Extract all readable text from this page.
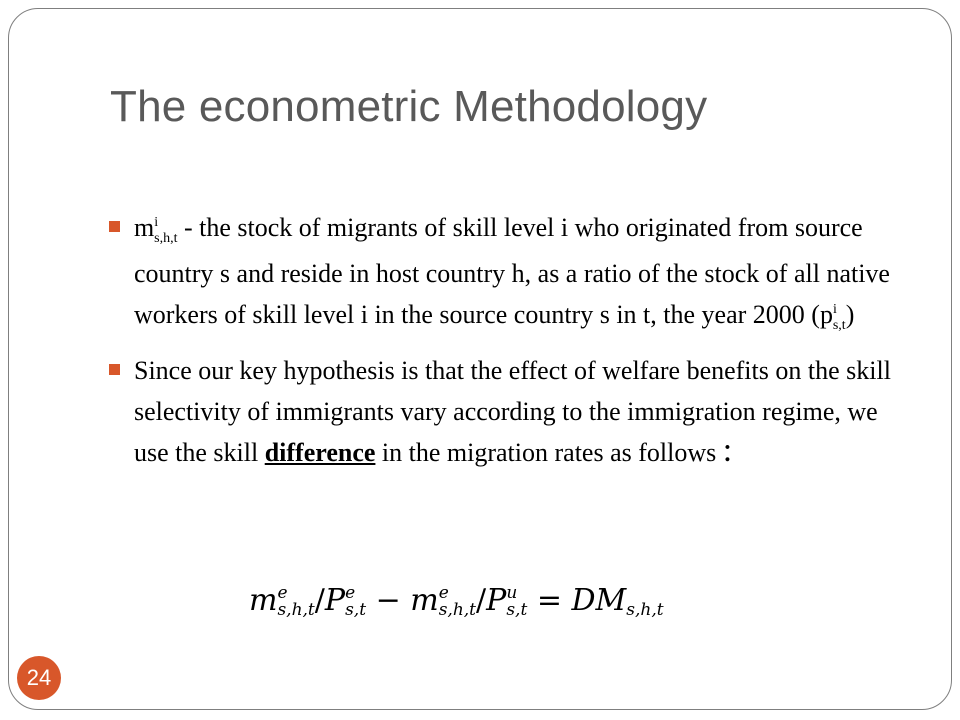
The econometric Methodology
$m^i_{s,h,t}$ - the stock of migrants of skill level i who originated from source country s and reside in host country h, as a ratio of the stock of all native workers of skill level i in the source country s in t, the year 2000 $(p^i_{s,t})$
Since our key hypothesis is that the effect of welfare benefits on the skill selectivity of immigrants vary according to the immigration regime, we use the skill difference in the migration rates as follows :
m e
s,h,t /P e
s,t − m e
s,h,t /P u
s,t = DM
s,h,t
24
